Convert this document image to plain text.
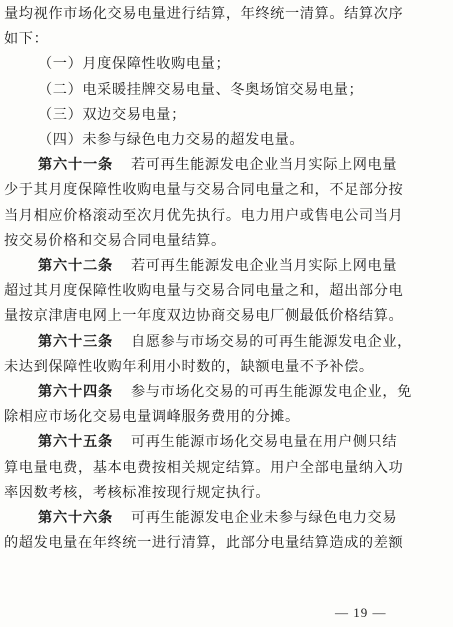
量均视作市场化交易电量进行结算，年终统一清算。结算次序
如下：
（一）月度保障性收购电量；
（二）电采暖挂牌交易电量、冬奥场馆交易电量；
（三）双边交易电量；
（四）未参与绿色电力交易的超发电量。
第六十一条 若可再生能源发电企业当月实际上网电量
少于其月度保障性收购电量与交易合同电量之和，不足部分按
当月相应价格滚动至次月优先执行。电力用户或售电公司当月
按交易价格和交易合同电量结算。
第六十二条 若可再生能源发电企业当月实际上网电量
超过其月度保障性收购电量与交易合同电量之和，超出部分电
量按京津唐电网上一年度双边协商交易电厂侧最低价格结算。
第六十三条 自愿参与市场交易的可再生能源发电企业，
未达到保障性收购年利用小时数的，缺额电量不予补偿。
第六十四条 参与市场化交易的可再生能源发电企业，免
除相应市场化交易电量调峰服务费用的分摊。
第六十五条 可再生能源市场化交易电量在用户侧只结
算电量电费，基本电费按相关规定结算。用户全部电量纳入功
率因数考核，考核标准按现行规定执行。
— 19 —
第六十六条 可再生能源发电企业未参与绿色电力交易
的超发电量在年终统一进行清算，此部分电量结算造成的差额
